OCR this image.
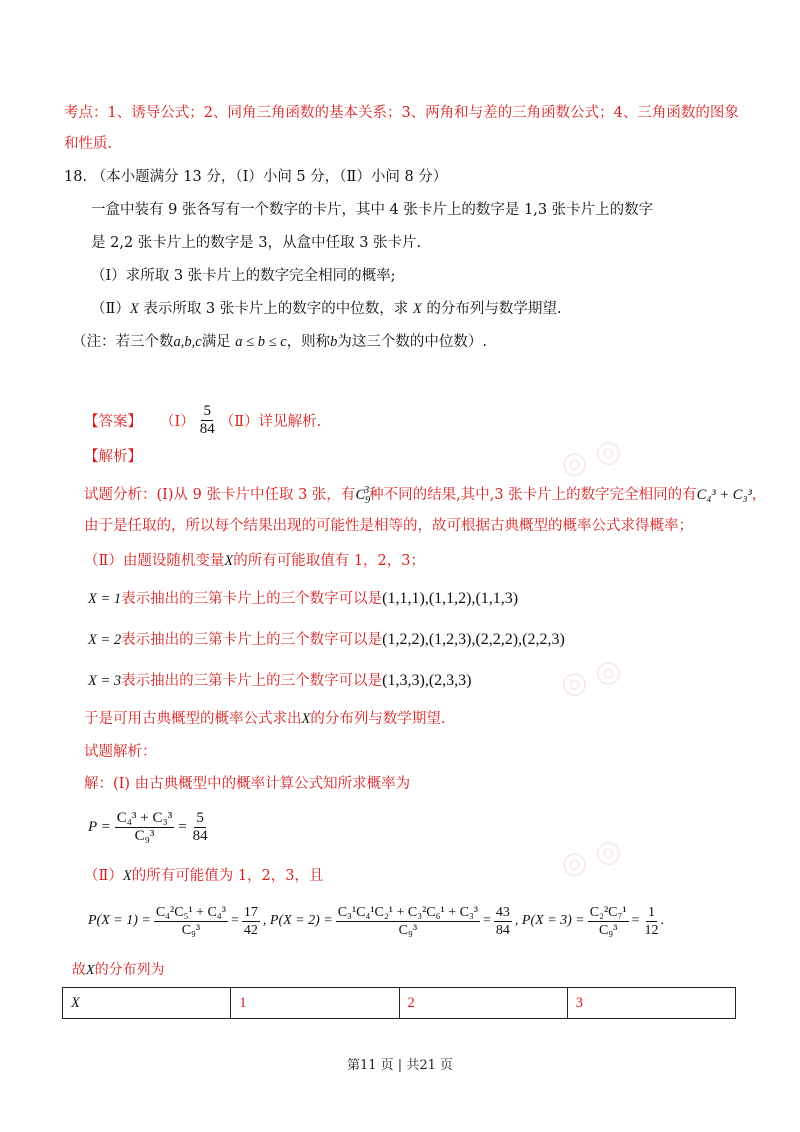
◎ ◎
◎ ◎
◎ ◎
考点：1、诱导公式；2、同角三角函数的基本关系；3、两角和与差的三角函数公式；4、三角函数的图象
和性质.
18. （本小题满分 13 分，（Ⅰ）小问 5 分，（Ⅱ）小问 8 分）
一盒中装有 9 张各写有一个数字的卡片，其中 4 张卡片上的数字是 1,3 张卡片上的数字
是 2,2 张卡片上的数字是 3，从盒中任取 3 张卡片.
（Ⅰ）求所取 3 张卡片上的数字完全相同的概率;
（Ⅱ）X 表示所取 3 张卡片上的数字的中位数，求 X 的分布列与数学期望.
（注：若三个数a,b,c满足 a ≤ b ≤ c，则称b为这三个数的中位数）.
【答案】 （Ⅰ） $\frac{5}{84}$ （Ⅱ）详见解析.
【解析】
试题分析：(Ⅰ)从 9 张卡片中任取 3 张，有$C_9^3$种不同的结果,其中,3 张卡片上的数字完全相同的有C₄³ + C₃³，
由于是任取的，所以每个结果出现的可能性是相等的，故可根据古典概型的概率公式求得概率；
（Ⅱ）由题设随机变量X的所有可能取值有 1，2，3；
X = 1表示抽出的三第卡片上的三个数字可以是(1,1,1),(1,1,2),(1,1,3)
X = 2表示抽出的三第卡片上的三个数字可以是(1,2,2),(1,2,3),(2,2,2),(2,2,3)
X = 3表示抽出的三第卡片上的三个数字可以是(1,3,3),(2,3,3)
于是可用古典概型的概率公式求出X的分布列与数学期望.
试题解析：
解：(Ⅰ) 由古典概型中的概率计算公式知所求概率为
$P = \frac{\text{C₄³ + C₃³}}{\text{C₉³}} = \frac{5}{84}$
（Ⅱ）X的所有可能值为 1，2，3，且
$P(X = 1) = \frac{\text{C₄²C₅¹ + C₄³}}{\text{C₉³}} = \frac{17}{42}$ , $P(X = 2) = \frac{\text{C₃¹C₄¹C₂¹ + C₃²C₆¹ + C₃³}}{\text{C₉³}} = \frac{43}{84}$ , $P(X = 3) = \frac{\text{C₂²C₇¹}}{\text{C₉³}} = \frac{1}{12}$ .
故X的分布列为
X	1	2	3
第11 页 | 共21 页
